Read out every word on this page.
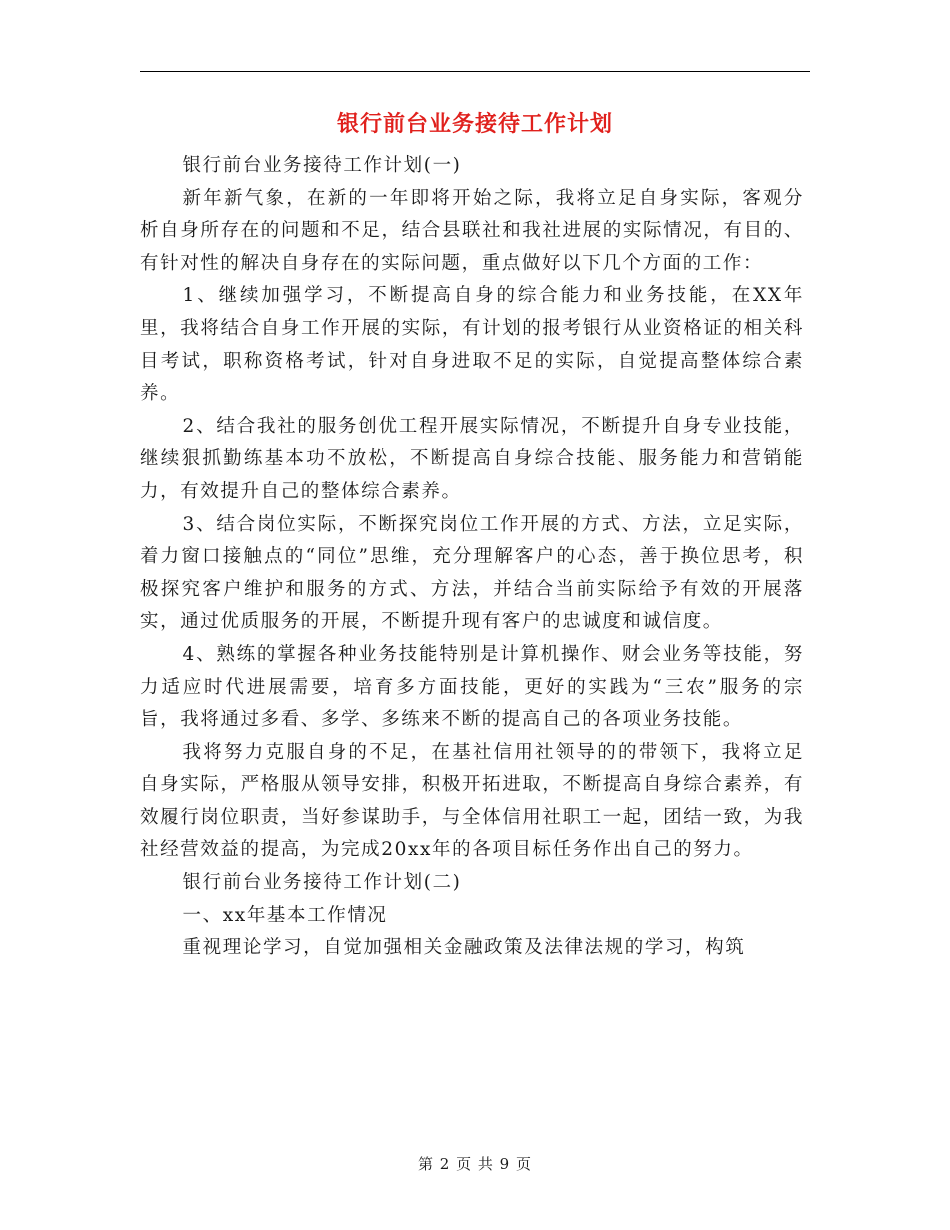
银行前台业务接待工作计划

银行前台业务接待工作计划(一)

新年新气象，在新的一年即将开始之际，我将立足自身实际，客观分析自身所存在的问题和不足，结合县联社和我社进展的实际情况，有目的、有针对性的解决自身存在的实际问题，重点做好以下几个方面的工作：

1、继续加强学习，不断提高自身的综合能力和业务技能，在XX年里，我将结合自身工作开展的实际，有计划的报考银行从业资格证的相关科目考试，职称资格考试，针对自身进取不足的实际，自觉提高整体综合素养。

2、结合我社的服务创优工程开展实际情况，不断提升自身专业技能，继续狠抓勤练基本功不放松，不断提高自身综合技能、服务能力和营销能力，有效提升自己的整体综合素养。

3、结合岗位实际，不断探究岗位工作开展的方式、方法，立足实际，着力窗口接触点的“同位”思维，充分理解客户的心态，善于换位思考，积极探究客户维护和服务的方式、方法，并结合当前实际给予有效的开展落实，通过优质服务的开展，不断提升现有客户的忠诚度和诚信度。

4、熟练的掌握各种业务技能特别是计算机操作、财会业务等技能，努力适应时代进展需要，培育多方面技能，更好的实践为“三农”服务的宗旨，我将通过多看、多学、多练来不断的提高自己的各项业务技能。

我将努力克服自身的不足，在基社信用社领导的的带领下，我将立足自身实际，严格服从领导安排，积极开拓进取，不断提高自身综合素养，有效履行岗位职责，当好参谋助手，与全体信用社职工一起，团结一致，为我社经营效益的提高，为完成20xx年的各项目标任务作出自己的努力。

银行前台业务接待工作计划(二)

一、xx年基本工作情况

重视理论学习，自觉加强相关金融政策及法律法规的学习，构筑

第 2 页 共 9 页
